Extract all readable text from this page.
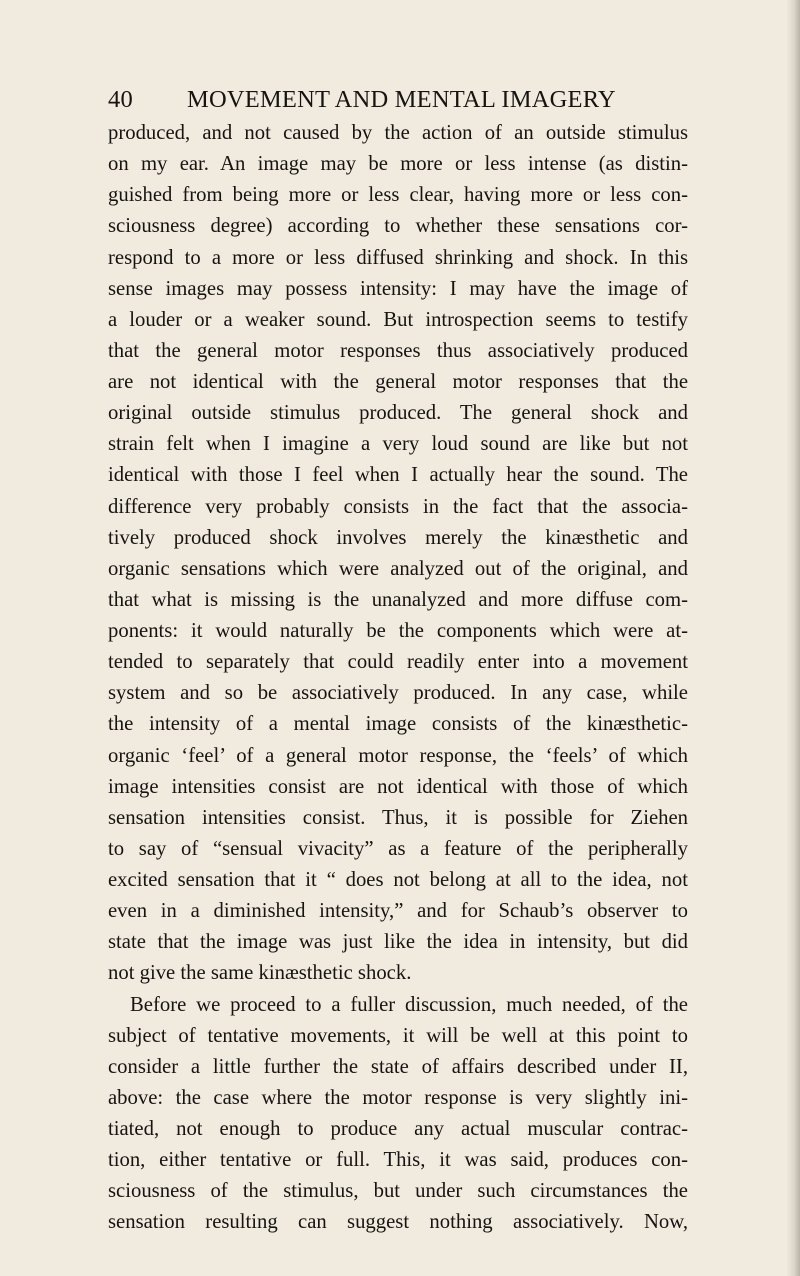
40 MOVEMENT AND MENTAL IMAGERY
produced, and not caused by the action of an outside stimulus
on my ear. An image may be more or less intense (as distin-
guished from being more or less clear, having more or less con-
sciousness degree) according to whether these sensations cor-
respond to a more or less diffused shrinking and shock. In this
sense images may possess intensity: I may have the image of
a louder or a weaker sound. But introspection seems to testify
that the general motor responses thus associatively produced
are not identical with the general motor responses that the
original outside stimulus produced. The general shock and
strain felt when I imagine a very loud sound are like but not
identical with those I feel when I actually hear the sound. The
difference very probably consists in the fact that the associa-
tively produced shock involves merely the kinæsthetic and
organic sensations which were analyzed out of the original, and
that what is missing is the unanalyzed and more diffuse com-
ponents: it would naturally be the components which were at-
tended to separately that could readily enter into a movement
system and so be associatively produced. In any case, while
the intensity of a mental image consists of the kinæsthetic-
organic ‘feel’ of a general motor response, the ‘feels’ of which
image intensities consist are not identical with those of which
sensation intensities consist. Thus, it is possible for Ziehen
to say of “sensual vivacity” as a feature of the peripherally
excited sensation that it “ does not belong at all to the idea, not
even in a diminished intensity,” and for Schaub’s observer to
state that the image was just like the idea in intensity, but did
not give the same kinæsthetic shock.
Before we proceed to a fuller discussion, much needed, of the
subject of tentative movements, it will be well at this point to
consider a little further the state of affairs described under II,
above: the case where the motor response is very slightly ini-
tiated, not enough to produce any actual muscular contrac-
tion, either tentative or full. This, it was said, produces con-
sciousness of the stimulus, but under such circumstances the
sensation resulting can suggest nothing associatively. Now,
